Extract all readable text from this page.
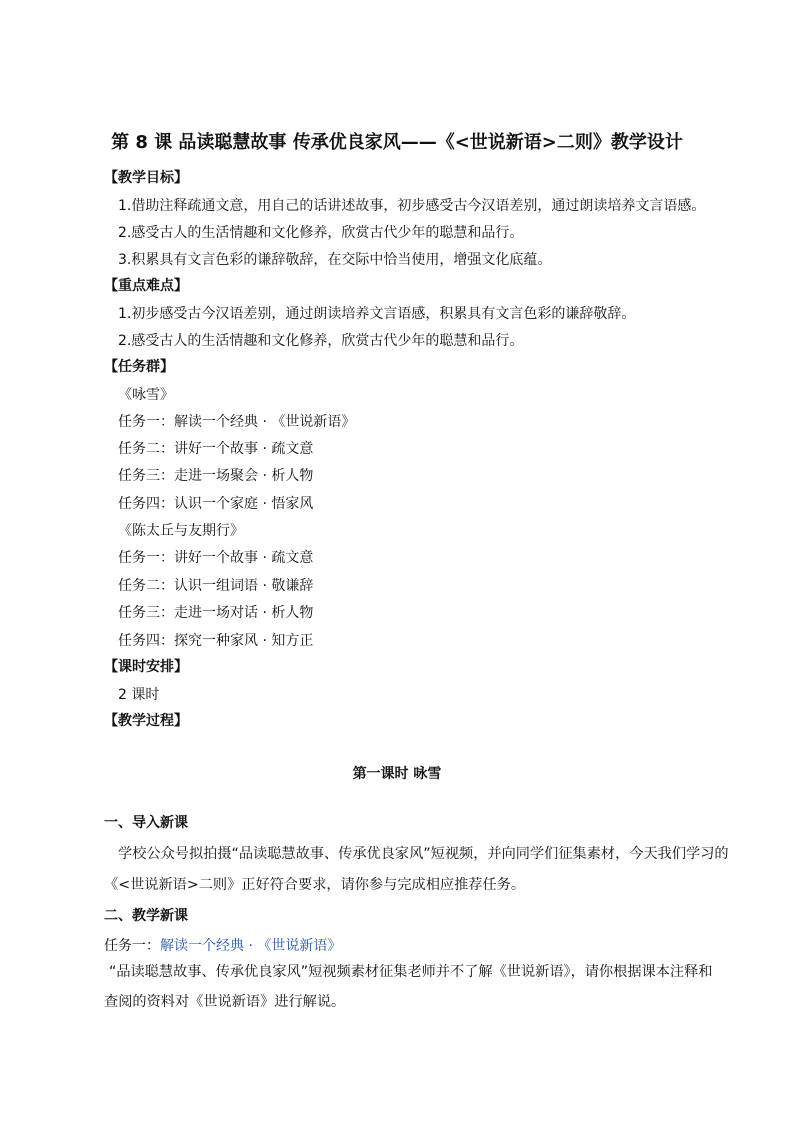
第 8 课 品读聪慧故事 传承优良家风——《<世说新语>二则》教学设计
【教学目标】
1.借助注释疏通文意，用自己的话讲述故事，初步感受古今汉语差别，通过朗读培养文言语感。
2.感受古人的生活情趣和文化修养，欣赏古代少年的聪慧和品行。
3.积累具有文言色彩的谦辞敬辞，在交际中恰当使用，增强文化底蕴。
【重点难点】
1.初步感受古今汉语差别，通过朗读培养文言语感，积累具有文言色彩的谦辞敬辞。
2.感受古人的生活情趣和文化修养，欣赏古代少年的聪慧和品行。
【任务群】
《咏雪》
任务一：解读一个经典 · 《世说新语》
任务二：讲好一个故事 · 疏文意
任务三：走进一场聚会 · 析人物
任务四：认识一个家庭 · 悟家风
《陈太丘与友期行》
任务一：讲好一个故事 · 疏文意
任务二：认识一组词语 · 敬谦辞
任务三：走进一场对话 · 析人物
任务四：探究一种家风 · 知方正
【课时安排】
2 课时
【教学过程】
第一课时 咏雪
一、导入新课
学校公众号拟拍摄“品读聪慧故事、传承优良家风”短视频，并向同学们征集素材，今天我们学习的
《<世说新语>二则》正好符合要求，请你参与完成相应推荐任务。
二、教学新课
任务一：解读一个经典 · 《世说新语》
“品读聪慧故事、传承优良家风”短视频素材征集老师并不了解《世说新语》，请你根据课本注释和
查阅的资料对《世说新语》进行解说。
